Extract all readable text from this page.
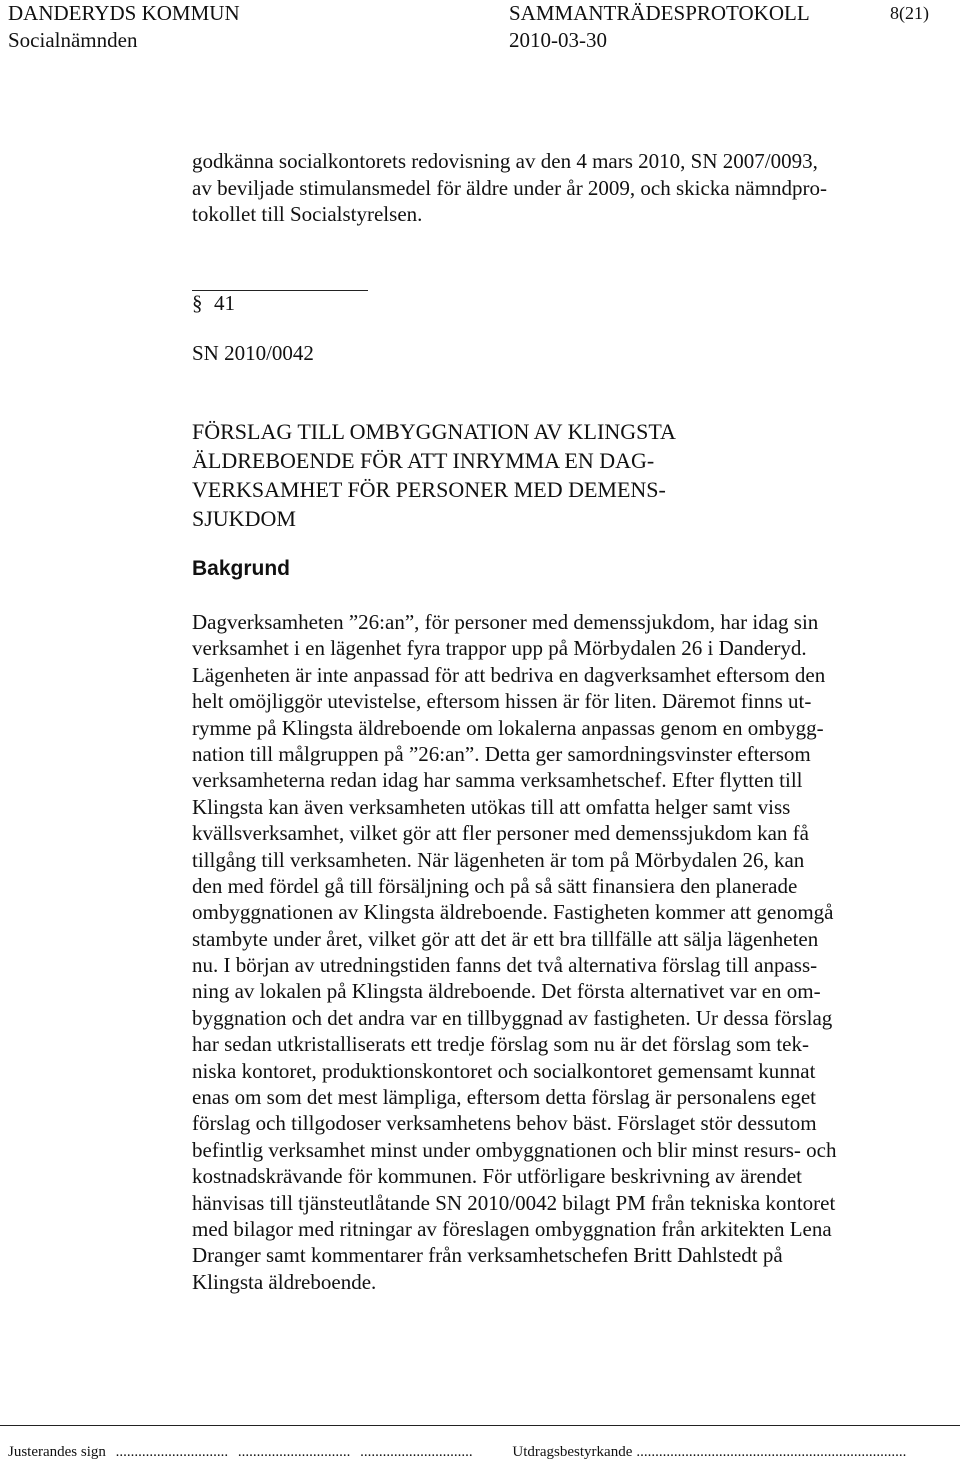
DANDERYDS KOMMUN	SAMMANTRÄDESPROTOKOLL	8(21)
Socialnämnden	2010-03-30
godkänna socialkontorets redovisning av den 4 mars 2010, SN 2007/0093,
av beviljade stimulansmedel för äldre under år 2009, och skicka nämndpro-
tokollet till Socialstyrelsen.
§ 41
SN 2010/0042
FÖRSLAG TILL OMBYGGNATION AV KLINGSTA
ÄLDREBOENDE FÖR ATT INRYMMA EN DAG-
VERKSAMHET FÖR PERSONER MED DEMENS-
SJUKDOM
Bakgrund
Dagverksamheten ”26:an”, för personer med demenssjukdom, har idag sin
verksamhet i en lägenhet fyra trappor upp på Mörbydalen 26 i Danderyd.
Lägenheten är inte anpassad för att bedriva en dagverksamhet eftersom den
helt omöjliggör utevistelse, eftersom hissen är för liten. Däremot finns ut-
rymme på Klingsta äldreboende om lokalerna anpassas genom en ombygg-
nation till målgruppen på ”26:an”. Detta ger samordningsvinster eftersom
verksamheterna redan idag har samma verksamhetschef. Efter flytten till
Klingsta kan även verksamheten utökas till att omfatta helger samt viss
kvällsverksamhet, vilket gör att fler personer med demenssjukdom kan få
tillgång till verksamheten. När lägenheten är tom på Mörbydalen 26, kan
den med fördel gå till försäljning och på så sätt finansiera den planerade
ombyggnationen av Klingsta äldreboende. Fastigheten kommer att genomgå
stambyte under året, vilket gör att det är ett bra tillfälle att sälja lägenheten
nu. I början av utredningstiden fanns det två alternativa förslag till anpass-
ning av lokalen på Klingsta äldreboende. Det första alternativet var en om-
byggnation och det andra var en tillbyggnad av fastigheten. Ur dessa förslag
har sedan utkristalliserats ett tredje förslag som nu är det förslag som tek-
niska kontoret, produktionskontoret och socialkontoret gemensamt kunnat
enas om som det mest lämpliga, eftersom detta förslag är personalens eget
förslag och tillgodoser verksamhetens behov bäst. Förslaget stör dessutom
befintlig verksamhet minst under ombyggnationen och blir minst resurs- och
kostnadskrävande för kommunen. För utförligare beskrivning av ärendet
hänvisas till tjänsteutlåtande SN 2010/0042 bilagt PM från tekniska kontoret
med bilagor med ritningar av föreslagen ombyggnation från arkitekten Lena
Dranger samt kommentarer från verksamhetschefen Britt Dahlstedt på
Klingsta äldreboende.
Justerandes sign .............................. .............................. ..............................	Utdragsbestyrkande ........................................................................
